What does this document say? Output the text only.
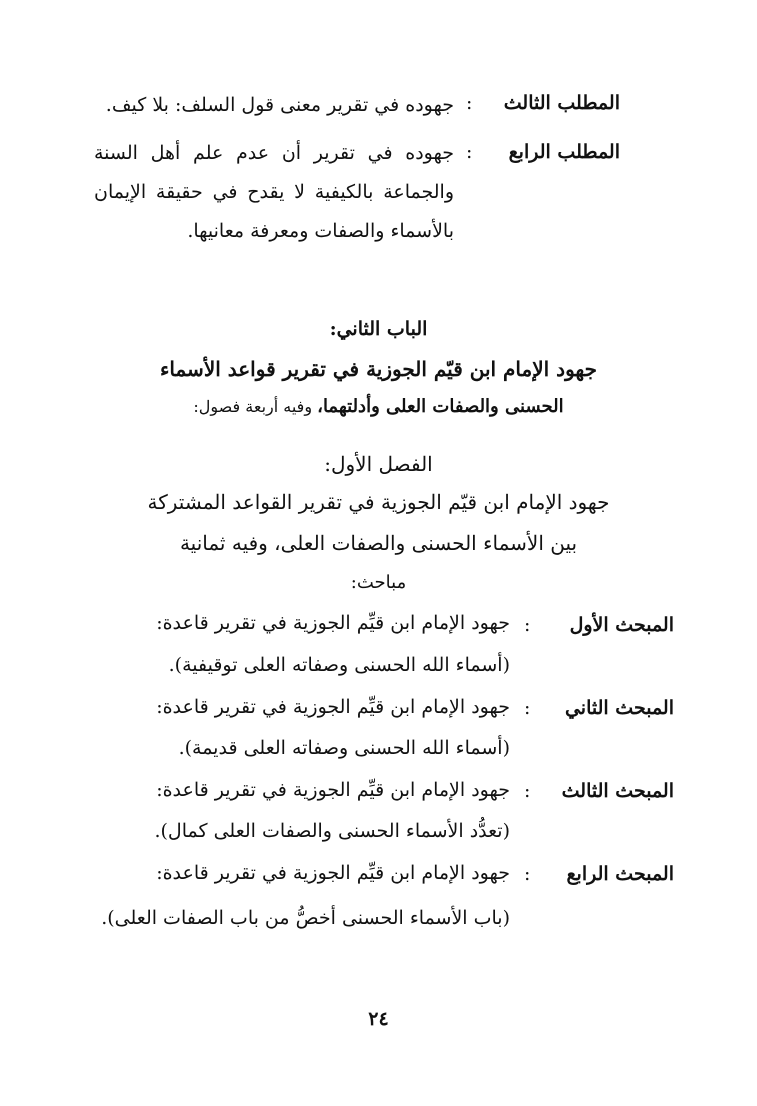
المطلب الثالث
:
جهوده في تقرير معنى قول السلف: بلا كيف.
المطلب الرابع
:
جهوده في تقرير أن عدم علم أهل السنة والجماعة بالكيفية لا يقدح في حقيقة الإيمان بالأسماء والصفات ومعرفة معانيها.
الباب الثاني:
جهود الإمام ابن قيّم الجوزية في تقرير قواعد الأسماء
الحسنى والصفات العلى وأدلتهما، وفيه أربعة فصول:
الفصل الأول:
جهود الإمام ابن قيّم الجوزية في تقرير القواعد المشتركة
بين الأسماء الحسنى والصفات العلى، وفيه ثمانية
مباحث:
المبحث الأول
:
جهود الإمام ابن قيِّم الجوزية في تقرير قاعدة:
(أسماء الله الحسنى وصفاته العلى توقيفية).
المبحث الثاني
:
جهود الإمام ابن قيِّم الجوزية في تقرير قاعدة:
(أسماء الله الحسنى وصفاته العلى قديمة).
المبحث الثالث
:
جهود الإمام ابن قيِّم الجوزية في تقرير قاعدة:
(تعدُّد الأسماء الحسنى والصفات العلى كمال).
المبحث الرابع
:
جهود الإمام ابن قيِّم الجوزية في تقرير قاعدة:
(باب الأسماء الحسنى أخصُّ من باب الصفات العلى).
٢٤
